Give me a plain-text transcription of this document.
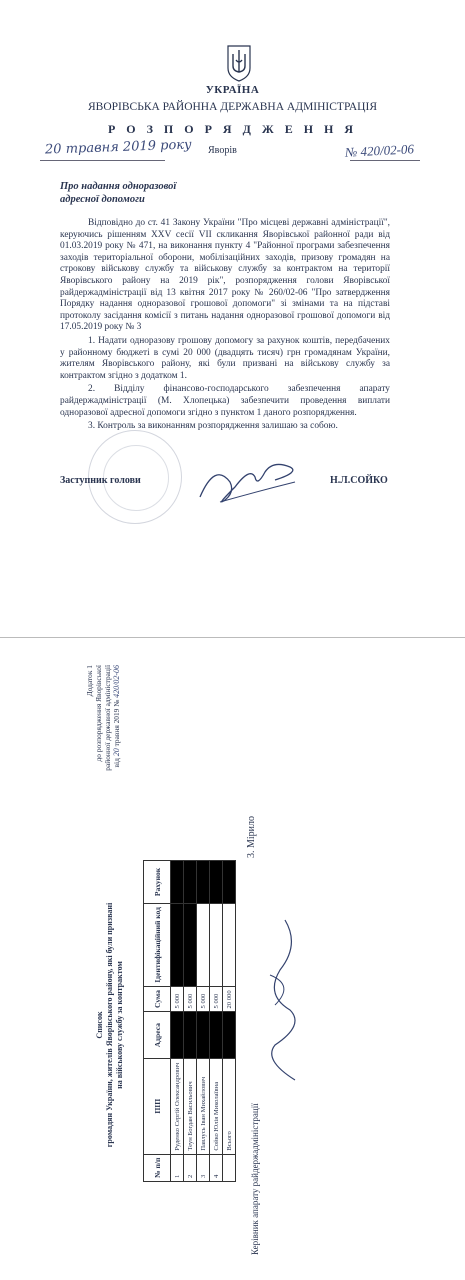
УКРАЇНА
ЯВОРІВСЬКА РАЙОННА ДЕРЖАВНА АДМІНІСТРАЦІЯ
Р О З П О Р Я Д Ж Е Н Н Я
20 травня 2019 року Яворів	№ 420/02-06
Про надання одноразової
адресної допомоги

Відповідно до ст. 41 Закону України "Про місцеві державні адміністрації", керуючись рішенням XXV сесії VII скликання Яворівської районної ради від 01.03.2019 року № 471, на виконання пункту 4 "Районної програми забезпечення заходів територіальної оборони, мобілізаційних заходів, призову громадян на строкову військову службу та військову службу за контрактом на території Яворівського району на 2019 рік", розпорядження голови Яворівської райдержадміністрації від 13 квітня 2017 року № 260/02-06 "Про затвердження Порядку надання одноразової грошової допомоги" зі змінами та на підставі протоколу засідання комісії з питань надання одноразової грошової допомоги від 17.05.2019 року № 3

1. Надати одноразову грошову допомогу за рахунок коштів, передбачених у районному бюджеті в сумі 20 000 (двадцять тисяч) грн громадянам України, жителям Яворівського району, які були призвані на військову службу за контрактом згідно з додатком 1.

2. Відділу фінансово-господарського забезпечення апарату райдержадміністрації (М. Хлопецька) забезпечити проведення виплати одноразової адресної допомоги згідно з пунктом 1 даного розпорядження.

3. Контроль за виконанням розпорядження залишаю за собою.

Заступник голови	Н.Л.СОЙКО
Додаток 1 до розпорядження Яворівської районної державної адміністрації від 20 травня 2019 № 420/02-06
Список громадян України, жителів Яворівського району, які були призвані на військову службу за контрактом
№ п/п	ПІП	Адреса	Сума	Ідентифікаційний код	Рахунок
1	Руденко Сергій Олександрович		5 000		
2	Теун Богдан Васильович		5 000		
3	Павлусь Іван Михайлович		5 000		
4	Сойко Юлія Миколаївна		5 000		
	Всього		20 000		
3. Мірило
Керівник апарату райдержадміністрації
